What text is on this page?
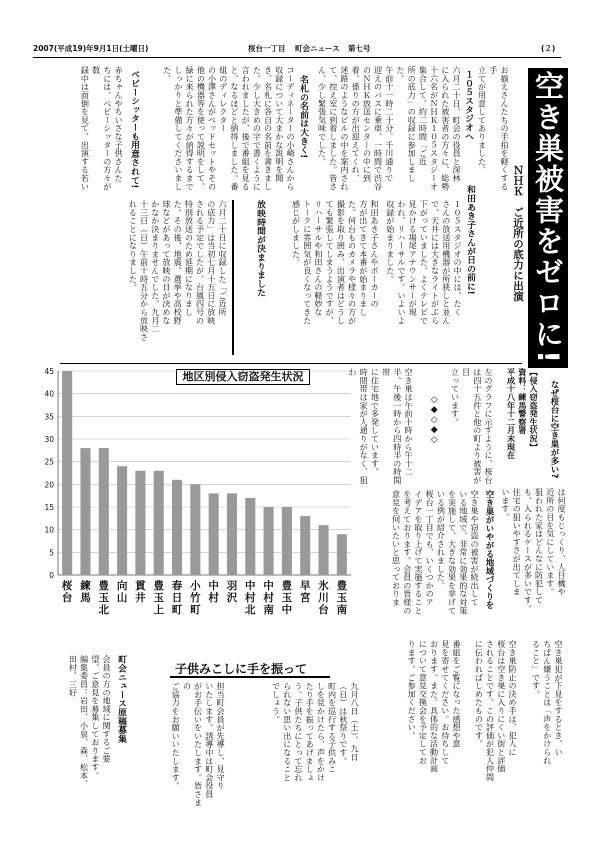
2007(平成19)年9月1日(土曜日)	桜台一丁目 町会ニュース 第七号	(２)
空き巣被害をゼロに!
なぜ桜台に空き巣が多い?
ＮＨＫ　ご近所の底力に出演
お揃えさんたちの手拍を軽くする手
立てが用意してありました。
和田あき子さんが日の前に!
１０５スタジオへ
六月二十日、町会の役員と深林
に入られた被害者の方々に、総勢
十六名がＮＨＫ１０５スタジーオ
集合して、約二時間「ご近
所の底力」の収録に参加しました。
午前十一時二十分、千川通りで
迎えのバスに乗車、一時間で渋谷
のＮＨＫ放送センターの中に到
着。係りの方が出迎えてくれ、
迷路のようなビルの中を案内され
て、控え室に到着しました。皆さ
ん、少し緊張気味でした。
１０５スタジオの中には、たく
さんの放送用機器が所狭しと並ん
で、天井には大きなライトがぶら
下がっていました。よくテレビで
見かける場尾アナウンサーが現
われ、リハーサルです。いよいよ
収録が始まりました。
和田あき子さんやボーカーの
方が出てきて本番が始まりまし
た。何台ものカメラや様々の方が
撮影を取り囲み、出演者はどうし
ても緊張してしまうようですが、
リハーサルや和田さんの軽妙な
トークに雰囲気が良くなってきた
感じがしました。
名札の名前は大きく!
コーディネーターの小崎さんから
収録について大まかな説明を聞
き、名札に各自の名前を書きまし
た。少し大きめの字で書くように
言われましたが、後で番組を見る
と、なるほどと納得しました。番
組のディレクター
の小澤さんがベッドセットやその
他の機器等を使って説明をして、
緑に来られた方々が納得するまで
しっかりと準備してくださいまし
た。
ベビーシッターも用意されて!
赤ちゃんやちいさな子供さんた
ちには、ベビーシッターの方々が数
録中は面倒を見て、出演する若い
放映時間が決まりました
六月二十日に収録した「ご近所
の底力」は当初七月十五日に放映
される予定でしたが、台風四号の
特別放送のため延期になりまし
た。その後、地震、選挙や高校野
球などがあって放映の日が決めな
かなか決まりませんでした。九月二
十三日（日）午前十時五分から放映さ
れることになりました。
【侵入窃盗発生状況】
資料：練馬警察署
平成十八年十二月末現在
左のグラフに示すように、桜台
は四十五件と他の町より被害が目
立っています。
◇◆◇◆◇
空き巣は午前十時から午十二
半、午後一時から四時半の時間帯
に住宅地で多発しています。
時間帯は家が人通りがなく、狙わ
空き巣がいやがる地域づくりを
空き巣や窃盗の被害が続出して
いる地域で、非常に効果的な対策
を実施して、大きな効果を挙げて
いる例が紹介されました。
桜台一丁目でも、いくつかのア
イデアを取り上げて実施すること
を考えております。会員の皆様の
意見を伺いたいと思っておりま	は何度もじっくり、人目機や
近所の目を気にしています。
狙われた家はどんなに防犯して
も、入られるケースが多いです。
住宅の狙いやすさが出てしま
います。
空き巣犯が下見をするとき、い
ちばん嫌うことは「声をかけられ
ること」です。
空き巣防止の決め手は、犯人に
桜台は空き巣に入りにくい街と評価
されることです。この評価が犯人仲間
に伝わればしめたものです。
番組をご覧になった感想や意
見を寄せてください。お待ちして
おります。また、具体的な活動計画
について意見交換会を予定してお
ります。ご参加ください。
地区別侵入窃盗発生状況
0
5
10
15
20
25
30
35
40
45
桜
台
練
馬
豊
玉
北
向
山
貫
井
豊
玉
上
春
日
町
小
竹
町
中
村
羽
沢
中
村
北
中
村
南
豊
玉
中
早
宮
氷
川
台
豊
玉
南
子供みこしに手を振って
九月八日（土）、九日
（日）は秋祭りです。
町内を巡行する子供みこ
しを見かけたら、声をかけ
たり手を振ってあげましょ
う。子供たちにとって忘れ
られない思い出になること
でしょう。
担当町会員が先導し、見守り
いたします。誘導中は町会役員
がお手伝いをいたします。皆さまの
ご協力をお願いいたします。
町会ニュース原稿募集
会員の方の地域に関するご要
望、ご意見を募集しております。
編集委員：岩田、小泉、森、松本、
田村、三好
